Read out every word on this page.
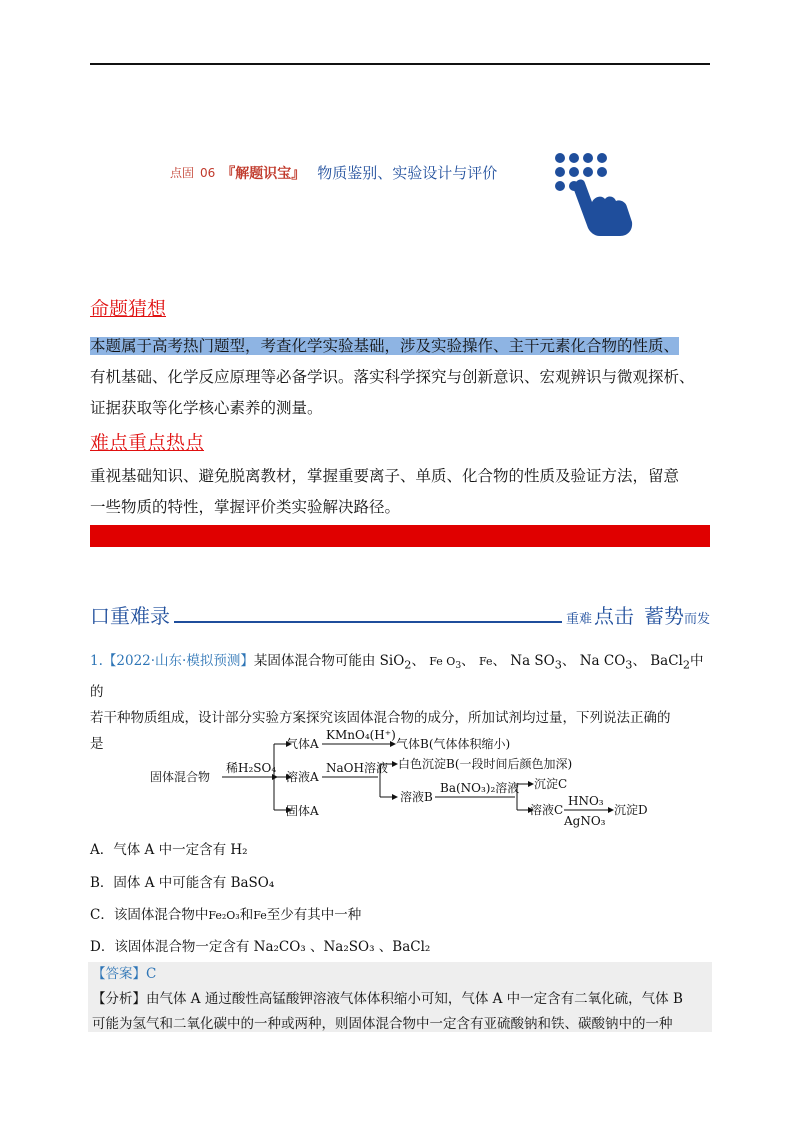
点固 06 『解题识宝』 物质鉴别、实验设计与评价
命题猜想
本题属于高考热门题型，考查化学实验基础，涉及实验操作、主干元素化合物的性质、
有机基础、化学反应原理等必备学识。落实科学探究与创新意识、宏观辨识与微观探析、
证据获取等化学核心素养的测量。
难点重点热点
重视基础知识、避免脱离教材，掌握重要离子、单质、化合物的性质及验证方法，留意
一些物质的特性，掌握评价类实验解决路径。
口重难录	重难 点击 蓄势 而发
1.【2022·山东·模拟预测】某固体混合物可能由 SiO$_2$、 Fe $O_3$、 Fe、 Na $SO_3$、 Na $CO_3$、 BaCl$_2$中的
若干种物质组成，设计部分实验方案探究该固体混合物的成分，所加试剂均过量，下列说法正确的
是
固体混合物
稀H₂SO₄
气体A
KMnO₄(H⁺)
气体B(气体体积缩小)
溶液A
NaOH溶液 白色沉淀B(一段时间后颜色加深)
溶液B
Ba(NO₃)₂溶液 沉淀C
溶液C
HNO₃
AgNO₃
沉淀D
固体A
A．气体 A 中一定含有 H₂
B．固体 A 中可能含有 BaSO₄
C．该固体混合物中Fe₂O₃和Fe至少有其中一种
D．该固体混合物一定含有 Na₂CO₃ 、Na₂SO₃ 、BaCl₂
【答案】C
【分析】由气体 A 通过酸性高锰酸钾溶液气体体积缩小可知，气体 A 中一定含有二氧化硫，气体 B
可能为氢气和二氧化碳中的一种或两种，则固体混合物中一定含有亚硫酸钠和铁、碳酸钠中的一种
